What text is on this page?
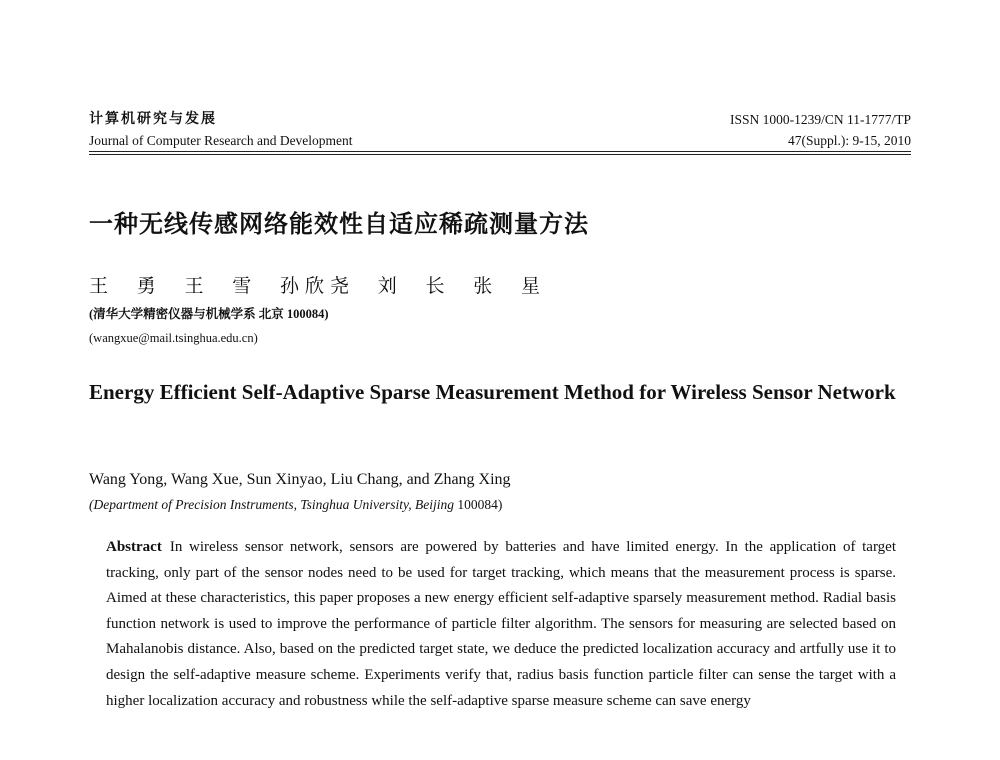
计算机研究与发展
Journal of Computer Research and Development
ISSN 1000-1239/CN 11-1777/TP
47(Suppl.): 9-15, 2010
一种无线传感网络能效性自适应稀疏测量方法
王 勇 王 雪 孙欣尧 刘 长 张 星
(清华大学精密仪器与机械学系 北京 100084)
(wangxue@mail.tsinghua.edu.cn)
Energy Efficient Self-Adaptive Sparse Measurement Method for Wireless Sensor Network
Wang Yong, Wang Xue, Sun Xinyao, Liu Chang, and Zhang Xing
(Department of Precision Instruments, Tsinghua University, Beijing 100084)
Abstract In wireless sensor network, sensors are powered by batteries and have limited energy. In the application of target tracking, only part of the sensor nodes need to be used for target tracking, which means that the measurement process is sparse. Aimed at these characteristics, this paper proposes a new energy efficient self-adaptive sparsely measurement method. Radial basis function network is used to improve the performance of particle filter algorithm. The sensors for measuring are selected based on Mahalanobis distance. Also, based on the predicted target state, we deduce the predicted localization accuracy and artfully use it to design the self-adaptive measure scheme. Experiments verify that, radius basis function particle filter can sense the target with a higher localization accuracy and robustness while the self-adaptive sparse measure scheme can save energy
